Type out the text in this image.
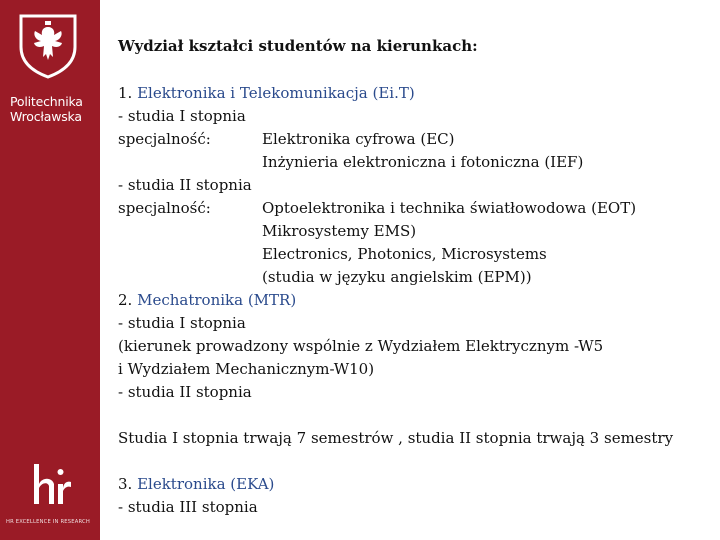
Politechnika
Wrocławska
HR EXCELLENCE IN RESEARCH
Wydział kształci studentów na kierunkach:
1. Elektronika i Telekomunikacja (Ei.T)
- studia I stopnia
specjalność:	Elektronika cyfrowa (EC)
Inżynieria elektroniczna i fotoniczna (IEF)
- studia II stopnia
specjalność:	Optoelektronika i technika światłowodowa (EOT)
Mikrosystemy EMS)
Electronics, Photonics, Microsystems
(studia w języku angielskim (EPM))
2. Mechatronika (MTR)
- studia I stopnia
(kierunek prowadzony wspólnie z Wydziałem Elektrycznym -W5
i Wydziałem Mechanicznym-W10)
- studia II stopnia
Studia I stopnia trwają 7 semestrów , studia II stopnia trwają 3 semestry
3. Elektronika (EKA)
- studia III stopnia
